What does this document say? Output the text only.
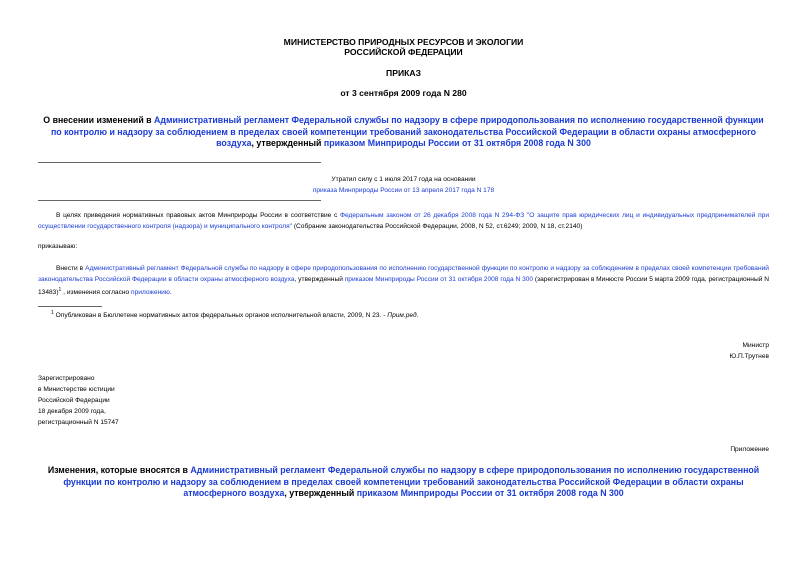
МИНИСТЕРСТВО ПРИРОДНЫХ РЕСУРСОВ И ЭКОЛОГИИ
РОССИЙСКОЙ ФЕДЕРАЦИИ
ПРИКАЗ
от 3 сентября 2009 года N 280
О внесении изменений в Административный регламент Федеральной службы по надзору в сфере природопользования по исполнению государственной функции по контролю и надзору за соблюдением в пределах своей компетенции требований законодательства Российской Федерации в области охраны атмосферного воздуха, утвержденный приказом Минприроды России от 31 октября 2008 года N 300
Утратил силу с 1 июля 2017 года на основании
приказа Минприроды России от 13 апреля 2017 года N 178
В целях приведения нормативных правовых актов Минприроды России в соответствие с Федеральным законом от 26 декабря 2008 года N 294-ФЗ "О защите прав юридических лиц и индивидуальных предпринимателей при осуществлении государственного контроля (надзора) и муниципального контроля" (Собрание законодательства Российской Федерации, 2008, N 52, ст.6249; 2009, N 18, ст.2140)
приказываю:
Внести в Административный регламент Федеральной службы по надзору в сфере природопользования по исполнению государственной функции по контролю и надзору за соблюдением в пределах своей компетенции требований законодательства Российской Федерации в области охраны атмосферного воздуха, утвержденный приказом Минприроды России от 31 октября 2008 года N 300 (зарегистрирован в Минюсте России 5 марта 2009 года, регистрационный N 13483)$^1$ , изменения согласно приложению.
$^1$ Опубликован в Бюллетене нормативных актов федеральных органов исполнительной власти, 2009, N 23. - Прим.ред.
Министр
Ю.П.Трутнев
Зарегистрировано
в Министерстве юстиции
Российской Федерации
18 декабря 2009 года,
регистрационный N 15747
Приложение
Изменения, которые вносятся в Административный регламент Федеральной службы по надзору в сфере природопользования по исполнению государственной функции по контролю и надзору за соблюдением в пределах своей компетенции требований законодательства Российской Федерации в области охраны атмосферного воздуха, утвержденный приказом Минприроды России от 31 октября 2008 года N 300
